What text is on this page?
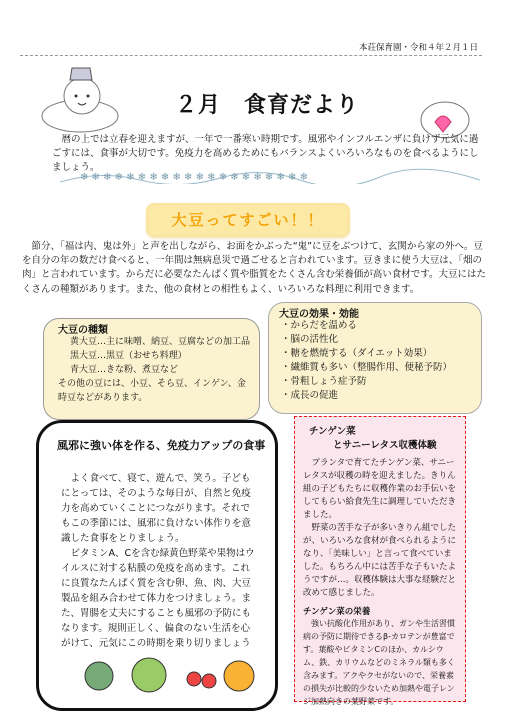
本荘保育園・令和４年２月１日
２月　食育だより
　暦の上では立春を迎えますが、一年で一番寒い時期です。風邪やインフルエンザに負けず元気に過ごすには、食事が大切です。免疫力を高めるためにもバランスよくいろいろなものを食べるようにしましょう。
❄ ❄ ❄ ❄ ❄ ❄ ❄ ❄ ❄ ❄ ❄ ❄ ❄ ❄ ❄ ❄ ❄ ❄ ❄ ❄
大豆ってすごい！！
　節分、「福は内、鬼は外」と声を出しながら、お面をかぶった“鬼”に豆をぶつけて、玄関から家の外へ。豆を自分の年の数だけ食べると、一年間は無病息災で過ごせると言われています。豆きまに使う大豆は、「畑の肉」と言われています。からだに必要なたんぱく質や脂質をたくさん含む栄養価が高い食材です。大豆にはたくさんの種類があります。また、他の食材との相性もよく、いろいろな料理に利用できます。
大豆の種類
黄大豆…主に味噌、納豆、豆腐などの加工品
黒大豆…黒豆（おせち料理）
青大豆…きな粉、煮豆など
その他の豆には、小豆、そら豆、インゲン、金時豆などがあります。
大豆の効果・効能
・からだを温める
・脳の活性化
・糖を燃焼する（ダイエット効果）
・繊維質も多い（整腸作用、便秘予防）
・骨粗しょう症予防
・成長の促進
風邪に強い体を作る、免疫力アップの食事
　よく食べて、寝て、遊んで、笑う。子どもにとっては、そのような毎日が、自然と免疫力を高めていくことにつながります。それでもこの季節には、風邪に負けない体作りを意識した食事をとりましょう。
　ビタミンA、Cを含む緑黄色野菜や果物はウイルスに対する粘膜の免疫を高めます。これに良質なたんぱく質を含む卵、魚、肉、大豆製品を組み合わせて体力をつけましょう。また、胃腸を丈夫にすることも風邪の予防にもなります。規則正しく、偏食のない生活を心がけて、元気にこの時期を乗り切りましょう
チンゲン菜
とサニーレタス収穫体験
　プランタで育てたチンゲン菜、サニーレタスが収穫の時を迎えました。きりん組の子どもたちに収穫作業のお手伝いをしてもらい給食先生に調理していただきました。
　野菜の苦手な子が多いきりん組でしたが、いろいろな食材が食べられるようになり、「美味しい」と言って食べていました。もちろん中には苦手な子もいたようですが…。収穫体験は大事な経験だと改めて感じました。
チンゲン菜の栄養
　強い抗酸化作用があり、ガンや生活習慣病の予防に期待できるβ-カロテンが豊富です。葉酸やビタミンCのほか、カルシウム、鉄、カリウムなどのミネラル類も多く含みます。アクやクセがないので、栄養素の損失が比較的少ないため加熱や電子レンジ加熱向きの葉野菜です。
